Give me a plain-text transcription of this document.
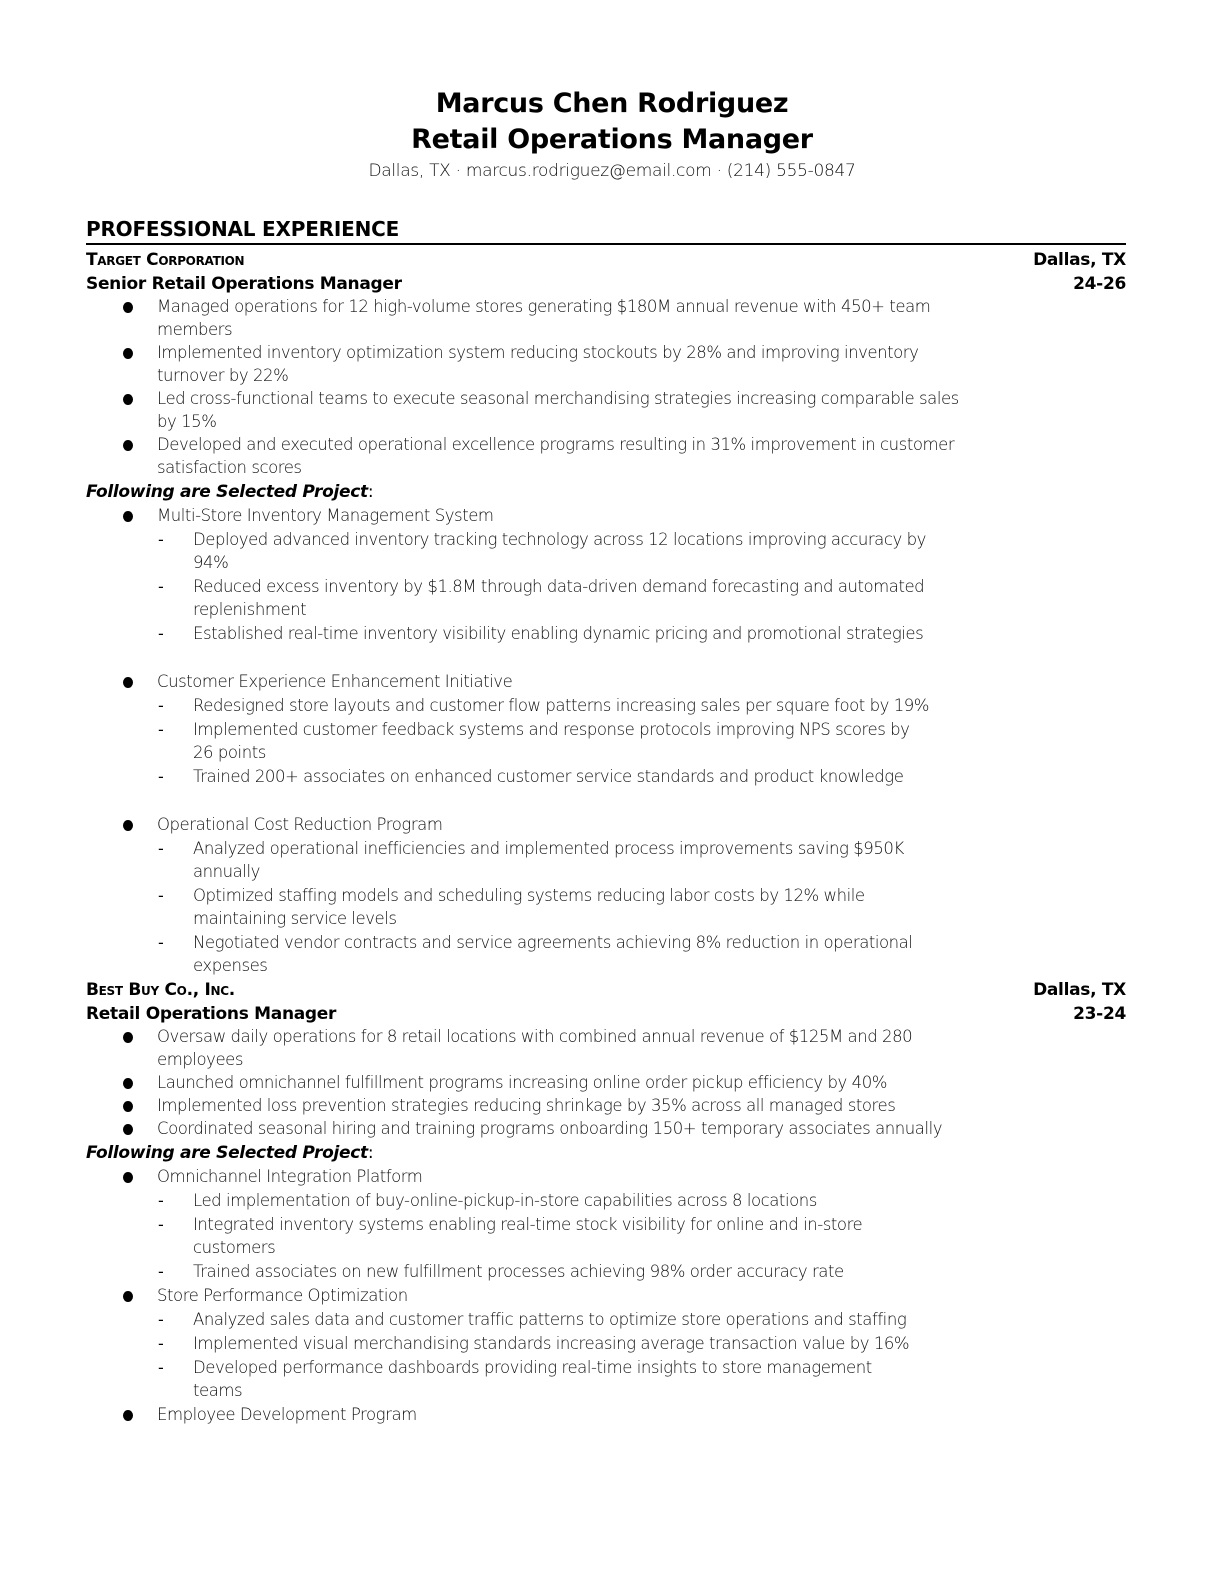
Marcus Chen Rodriguez
Retail Operations Manager
Dallas, TX · marcus.rodriguez@email.com · (214) 555-0847
PROFESSIONAL EXPERIENCE
Target Corporation	Dallas, TX
Senior Retail Operations Manager	24-26
Managed operations for 12 high-volume stores generating $180M annual revenue with 450+ team
members
Implemented inventory optimization system reducing stockouts by 28% and improving inventory
turnover by 22%
Led cross-functional teams to execute seasonal merchandising strategies increasing comparable sales
by 15%
Developed and executed operational excellence programs resulting in 31% improvement in customer
satisfaction scores
Following are Selected Project:
Multi-Store Inventory Management System
- Deployed advanced inventory tracking technology across 12 locations improving accuracy by
94%
- Reduced excess inventory by $1.8M through data-driven demand forecasting and automated
replenishment
- Established real-time inventory visibility enabling dynamic pricing and promotional strategies
Customer Experience Enhancement Initiative
- Redesigned store layouts and customer flow patterns increasing sales per square foot by 19%
- Implemented customer feedback systems and response protocols improving NPS scores by
26 points
- Trained 200+ associates on enhanced customer service standards and product knowledge
Operational Cost Reduction Program
- Analyzed operational inefficiencies and implemented process improvements saving $950K
annually
- Optimized staffing models and scheduling systems reducing labor costs by 12% while
maintaining service levels
- Negotiated vendor contracts and service agreements achieving 8% reduction in operational
expenses
Best Buy Co., Inc.	Dallas, TX
Retail Operations Manager	23-24
Oversaw daily operations for 8 retail locations with combined annual revenue of $125M and 280
employees
Launched omnichannel fulfillment programs increasing online order pickup efficiency by 40%
Implemented loss prevention strategies reducing shrinkage by 35% across all managed stores
Coordinated seasonal hiring and training programs onboarding 150+ temporary associates annually
Following are Selected Project:
Omnichannel Integration Platform
- Led implementation of buy-online-pickup-in-store capabilities across 8 locations
- Integrated inventory systems enabling real-time stock visibility for online and in-store
customers
- Trained associates on new fulfillment processes achieving 98% order accuracy rate
Store Performance Optimization
- Analyzed sales data and customer traffic patterns to optimize store operations and staffing
- Implemented visual merchandising standards increasing average transaction value by 16%
- Developed performance dashboards providing real-time insights to store management
teams
Employee Development Program
